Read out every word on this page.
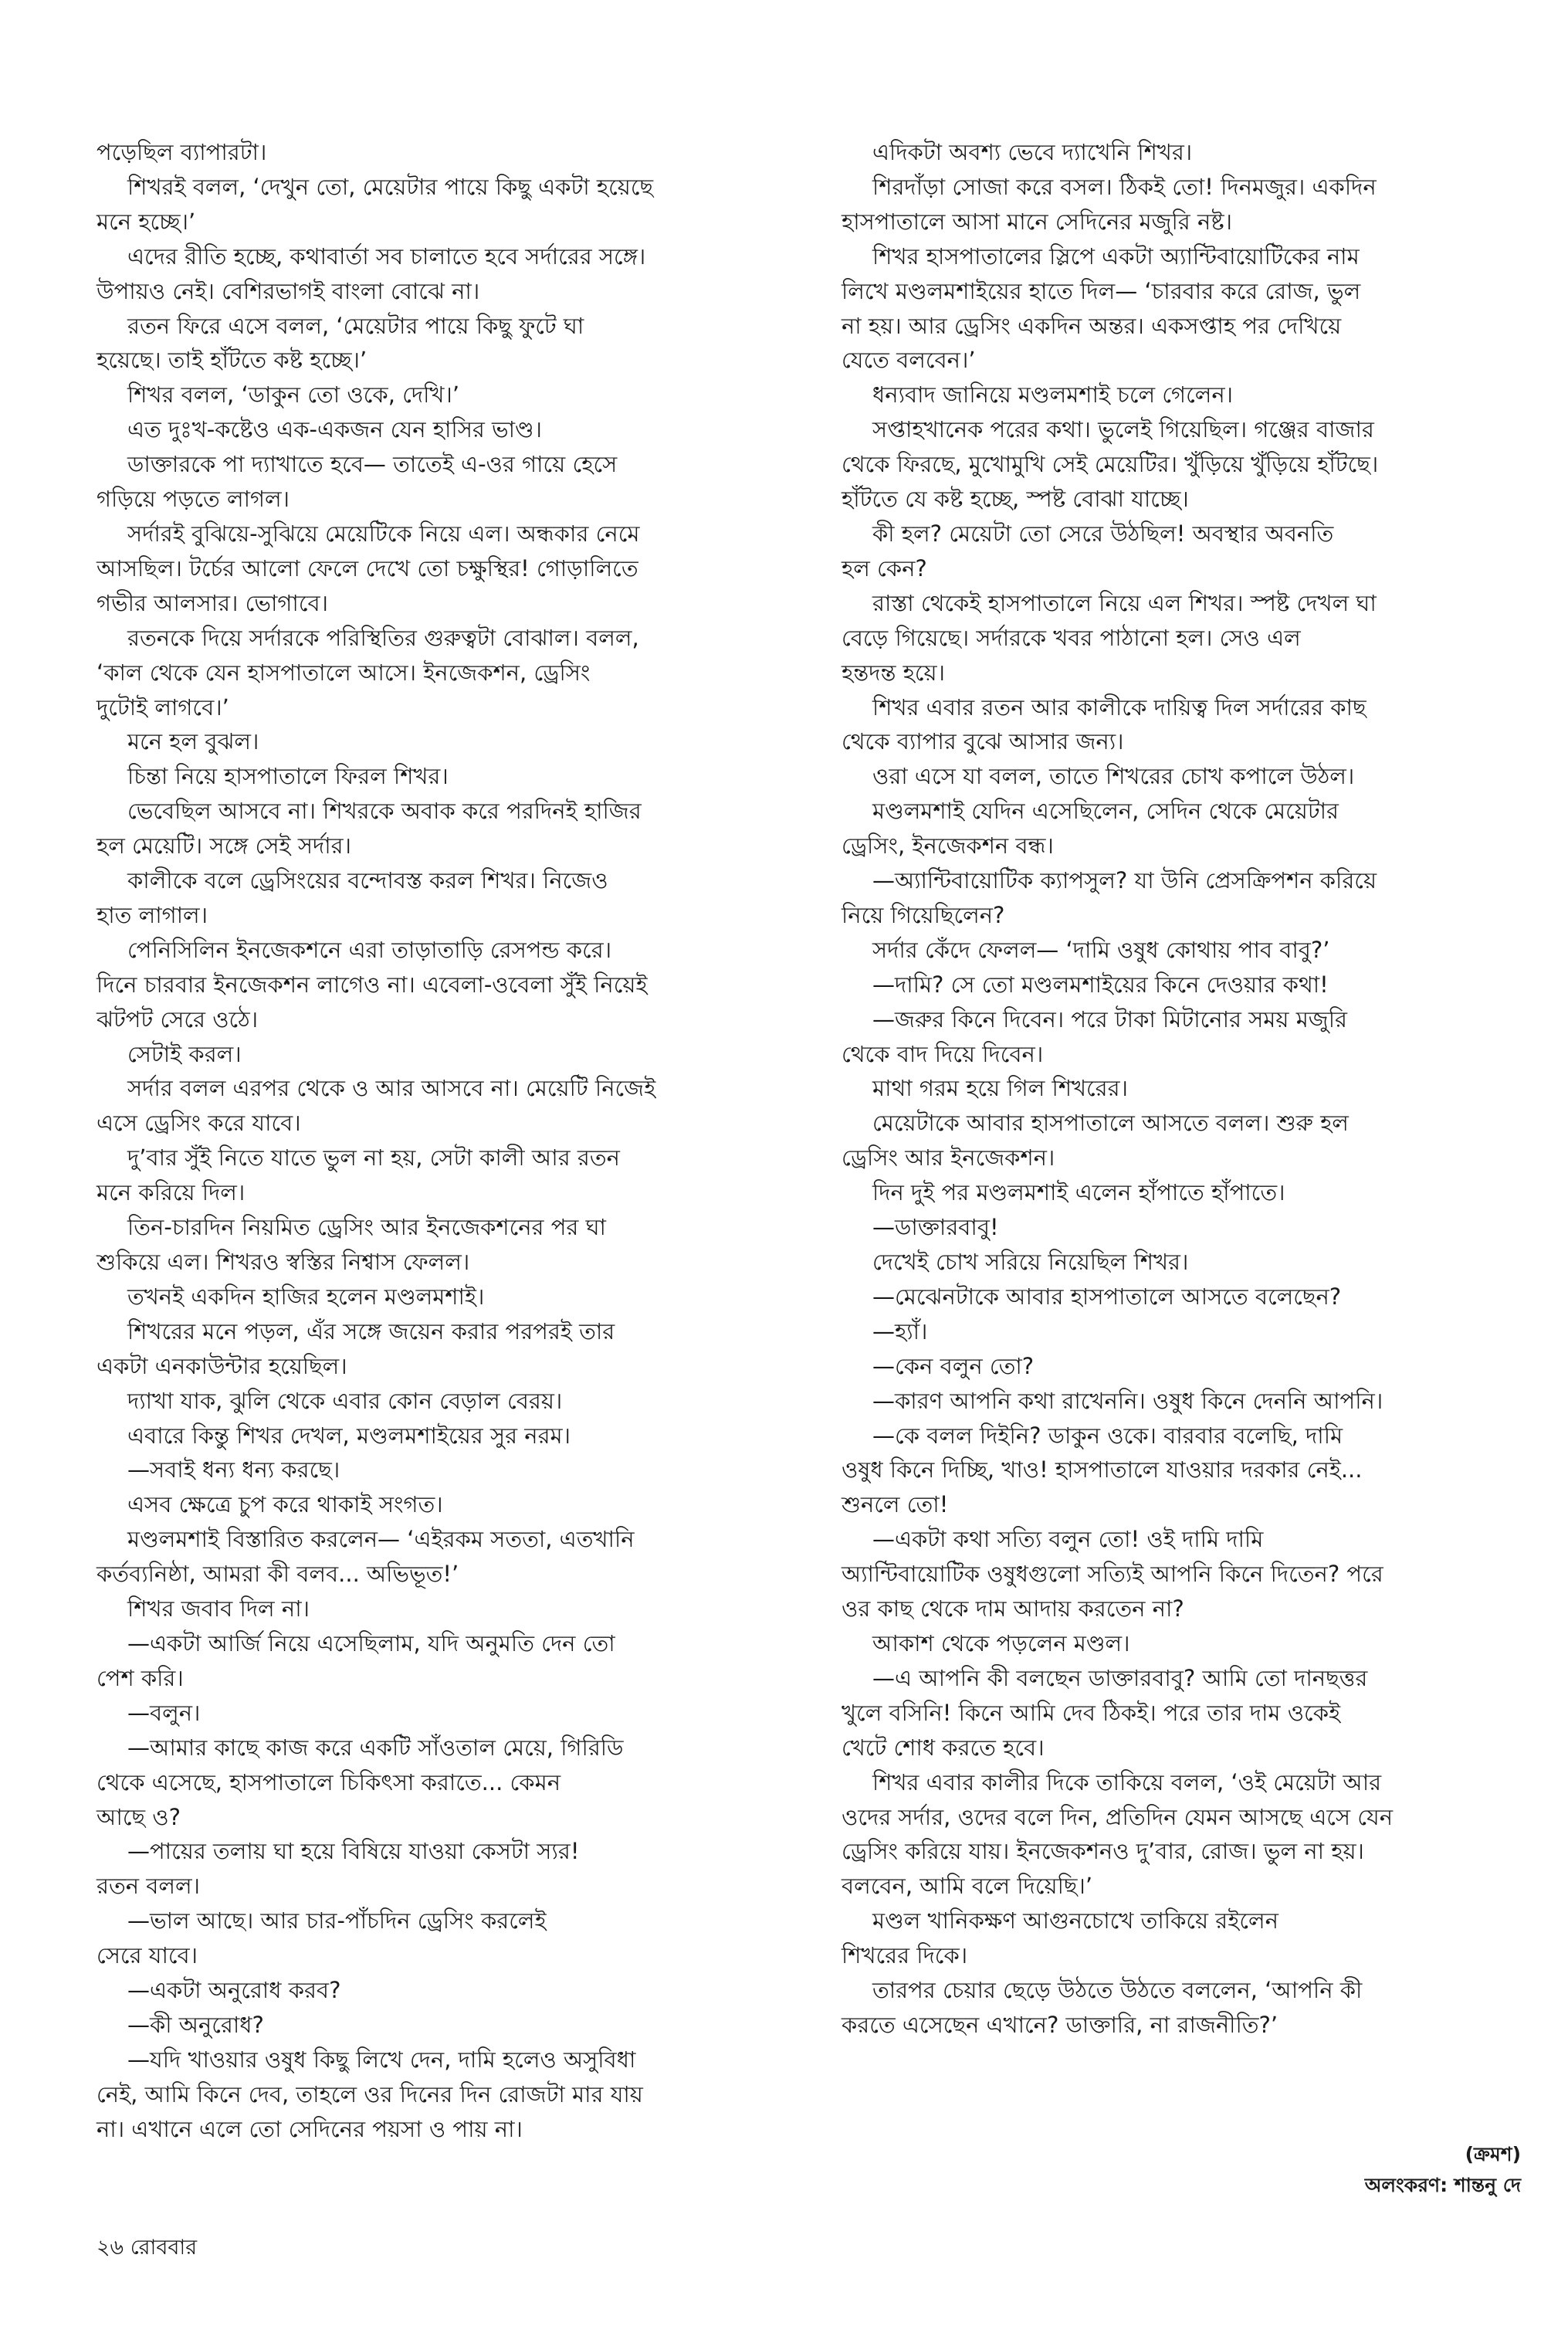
পড়েছিল ব্যাপারটা।
শিখরই বলল, ‘দেখুন তো, মেয়েটার পায়ে কিছু একটা হয়েছে
মনে হচ্ছে।’
এদের রীতি হচ্ছে, কথাবার্তা সব চালাতে হবে সর্দারের সঙ্গে।
উপায়ও নেই। বেশিরভাগই বাংলা বোঝে না।
রতন ফিরে এসে বলল, ‘মেয়েটার পায়ে কিছু ফুটে ঘা
হয়েছে। তাই হাঁটতে কষ্ট হচ্ছে।’
শিখর বলল, ‘ডাকুন তো ওকে, দেখি।’
এত দুঃখ-কষ্টেও এক-একজন যেন হাসির ভাণ্ড।
ডাক্তারকে পা দ্যাখাতে হবে— তাতেই এ-ওর গায়ে হেসে
গড়িয়ে পড়তে লাগল।
সর্দারই বুঝিয়ে-সুঝিয়ে মেয়েটিকে নিয়ে এল। অন্ধকার নেমে
আসছিল। টর্চের আলো ফেলে দেখে তো চক্ষুস্থির! গোড়ালিতে
গভীর আলসার। ভোগাবে।
রতনকে দিয়ে সর্দারকে পরিস্থিতির গুরুত্বটা বোঝাল। বলল,
‘কাল থেকে যেন হাসপাতালে আসে। ইনজেকশন, ড্রেসিং
দুটোই লাগবে।’
মনে হল বুঝল।
চিন্তা নিয়ে হাসপাতালে ফিরল শিখর।
ভেবেছিল আসবে না। শিখরকে অবাক করে পরদিনই হাজির
হল মেয়েটি। সঙ্গে সেই সর্দার।
কালীকে বলে ড্রেসিংয়ের বন্দোবস্ত করল শিখর। নিজেও
হাত লাগাল।
পেনিসিলিন ইনজেকশনে এরা তাড়াতাড়ি রেসপন্ড করে।
দিনে চারবার ইনজেকশন লাগেও না। এবেলা-ওবেলা সুঁই নিয়েই
ঝটপট সেরে ওঠে।
সেটাই করল।
সর্দার বলল এরপর থেকে ও আর আসবে না। মেয়েটি নিজেই
এসে ড্রেসিং করে যাবে।
দু’বার সুঁই নিতে যাতে ভুল না হয়, সেটা কালী আর রতন
মনে করিয়ে দিল।
তিন-চারদিন নিয়মিত ড্রেসিং আর ইনজেকশনের পর ঘা
শুকিয়ে এল। শিখরও স্বস্তির নিশ্বাস ফেলল।
তখনই একদিন হাজির হলেন মণ্ডলমশাই।
শিখরের মনে পড়ল, এঁর সঙ্গে জয়েন করার পরপরই তার
একটা এনকাউন্টার হয়েছিল।
দ্যাখা যাক, ঝুলি থেকে এবার কোন বেড়াল বেরয়।
এবারে কিন্তু শিখর দেখল, মণ্ডলমশাইয়ের সুর নরম।
—সবাই ধন্য ধন্য করছে।
এসব ক্ষেত্রে চুপ করে থাকাই সংগত।
মণ্ডলমশাই বিস্তারিত করলেন— ‘এইরকম সততা, এতখানি
কর্তব্যনিষ্ঠা, আমরা কী বলব... অভিভূত!’
শিখর জবাব দিল না।
—একটা আর্জি নিয়ে এসেছিলাম, যদি অনুমতি দেন তো
পেশ করি।
—বলুন।
—আমার কাছে কাজ করে একটি সাঁওতাল মেয়ে, গিরিডি
থেকে এসেছে, হাসপাতালে চিকিৎসা করাতে... কেমন
আছে ও?
—পায়ের তলায় ঘা হয়ে বিষিয়ে যাওয়া কেসটা স্যর!
রতন বলল।
—ভাল আছে। আর চার-পাঁচদিন ড্রেসিং করলেই
সেরে যাবে।
—একটা অনুরোধ করব?
—কী অনুরোধ?
—যদি খাওয়ার ওষুধ কিছু লিখে দেন, দামি হলেও অসুবিধা
নেই, আমি কিনে দেব, তাহলে ওর দিনের দিন রোজটা মার যায়
না। এখানে এলে তো সেদিনের পয়সা ও পায় না।
এদিকটা অবশ্য ভেবে দ্যাখেনি শিখর।
শিরদাঁড়া সোজা করে বসল। ঠিকই তো! দিনমজুর। একদিন
হাসপাতালে আসা মানে সেদিনের মজুরি নষ্ট।
শিখর হাসপাতালের স্লিপে একটা অ্যান্টিবায়োটিকের নাম
লিখে মণ্ডলমশাইয়ের হাতে দিল— ‘চারবার করে রোজ, ভুল
না হয়। আর ড্রেসিং একদিন অন্তর। একসপ্তাহ পর দেখিয়ে
যেতে বলবেন।’
ধন্যবাদ জানিয়ে মণ্ডলমশাই চলে গেলেন।
সপ্তাহখানেক পরের কথা। ভুলেই গিয়েছিল। গঞ্জের বাজার
থেকে ফিরছে, মুখোমুখি সেই মেয়েটির। খুঁড়িয়ে খুঁড়িয়ে হাঁটছে।
হাঁটতে যে কষ্ট হচ্ছে, স্পষ্ট বোঝা যাচ্ছে।
কী হল? মেয়েটা তো সেরে উঠছিল! অবস্থার অবনতি
হল কেন?
রাস্তা থেকেই হাসপাতালে নিয়ে এল শিখর। স্পষ্ট দেখল ঘা
বেড়ে গিয়েছে। সর্দারকে খবর পাঠানো হল। সেও এল
হন্তদন্ত হয়ে।
শিখর এবার রতন আর কালীকে দায়িত্ব দিল সর্দারের কাছ
থেকে ব্যাপার বুঝে আসার জন্য।
ওরা এসে যা বলল, তাতে শিখরের চোখ কপালে উঠল।
মণ্ডলমশাই যেদিন এসেছিলেন, সেদিন থেকে মেয়েটার
ড্রেসিং, ইনজেকশন বন্ধ।
—অ্যান্টিবায়োটিক ক্যাপসুল? যা উনি প্রেসক্রিপশন করিয়ে
নিয়ে গিয়েছিলেন?
সর্দার কেঁদে ফেলল— ‘দামি ওষুধ কোথায় পাব বাবু?’
—দামি? সে তো মণ্ডলমশাইয়ের কিনে দেওয়ার কথা!
—জরুর কিনে দিবেন। পরে টাকা মিটানোর সময় মজুরি
থেকে বাদ দিয়ে দিবেন।
মাথা গরম হয়ে গিল শিখরের।
মেয়েটাকে আবার হাসপাতালে আসতে বলল। শুরু হল
ড্রেসিং আর ইনজেকশন।
দিন দুই পর মণ্ডলমশাই এলেন হাঁপাতে হাঁপাতে।
—ডাক্তারবাবু!
দেখেই চোখ সরিয়ে নিয়েছিল শিখর।
—মেঝেনটাকে আবার হাসপাতালে আসতে বলেছেন?
—হ্যাঁ।
—কেন বলুন তো?
—কারণ আপনি কথা রাখেননি। ওষুধ কিনে দেননি আপনি।
—কে বলল দিইনি? ডাকুন ওকে। বারবার বলেছি, দামি
ওষুধ কিনে দিচ্ছি, খাও! হাসপাতালে যাওয়ার দরকার নেই...
শুনলে তো!
—একটা কথা সত্যি বলুন তো! ওই দামি দামি
অ্যান্টিবায়োটিক ওষুধগুলো সত্যিই আপনি কিনে দিতেন? পরে
ওর কাছ থেকে দাম আদায় করতেন না?
আকাশ থেকে পড়লেন মণ্ডল।
—এ আপনি কী বলছেন ডাক্তারবাবু? আমি তো দানছত্তর
খুলে বসিনি! কিনে আমি দেব ঠিকই। পরে তার দাম ওকেই
খেটে শোধ করতে হবে।
শিখর এবার কালীর দিকে তাকিয়ে বলল, ‘ওই মেয়েটা আর
ওদের সর্দার, ওদের বলে দিন, প্রতিদিন যেমন আসছে এসে যেন
ড্রেসিং করিয়ে যায়। ইনজেকশনও দু’বার, রোজ। ভুল না হয়।
বলবেন, আমি বলে দিয়েছি।’
মণ্ডল খানিকক্ষণ আগুনচোখে তাকিয়ে রইলেন
শিখরের দিকে।
তারপর চেয়ার ছেড়ে উঠতে উঠতে বললেন, ‘আপনি কী
করতে এসেছেন এখানে? ডাক্তারি, না রাজনীতি?’
(ক্রমশ)
অলংকরণ: শান্তনু দে
২৬ রোববার
